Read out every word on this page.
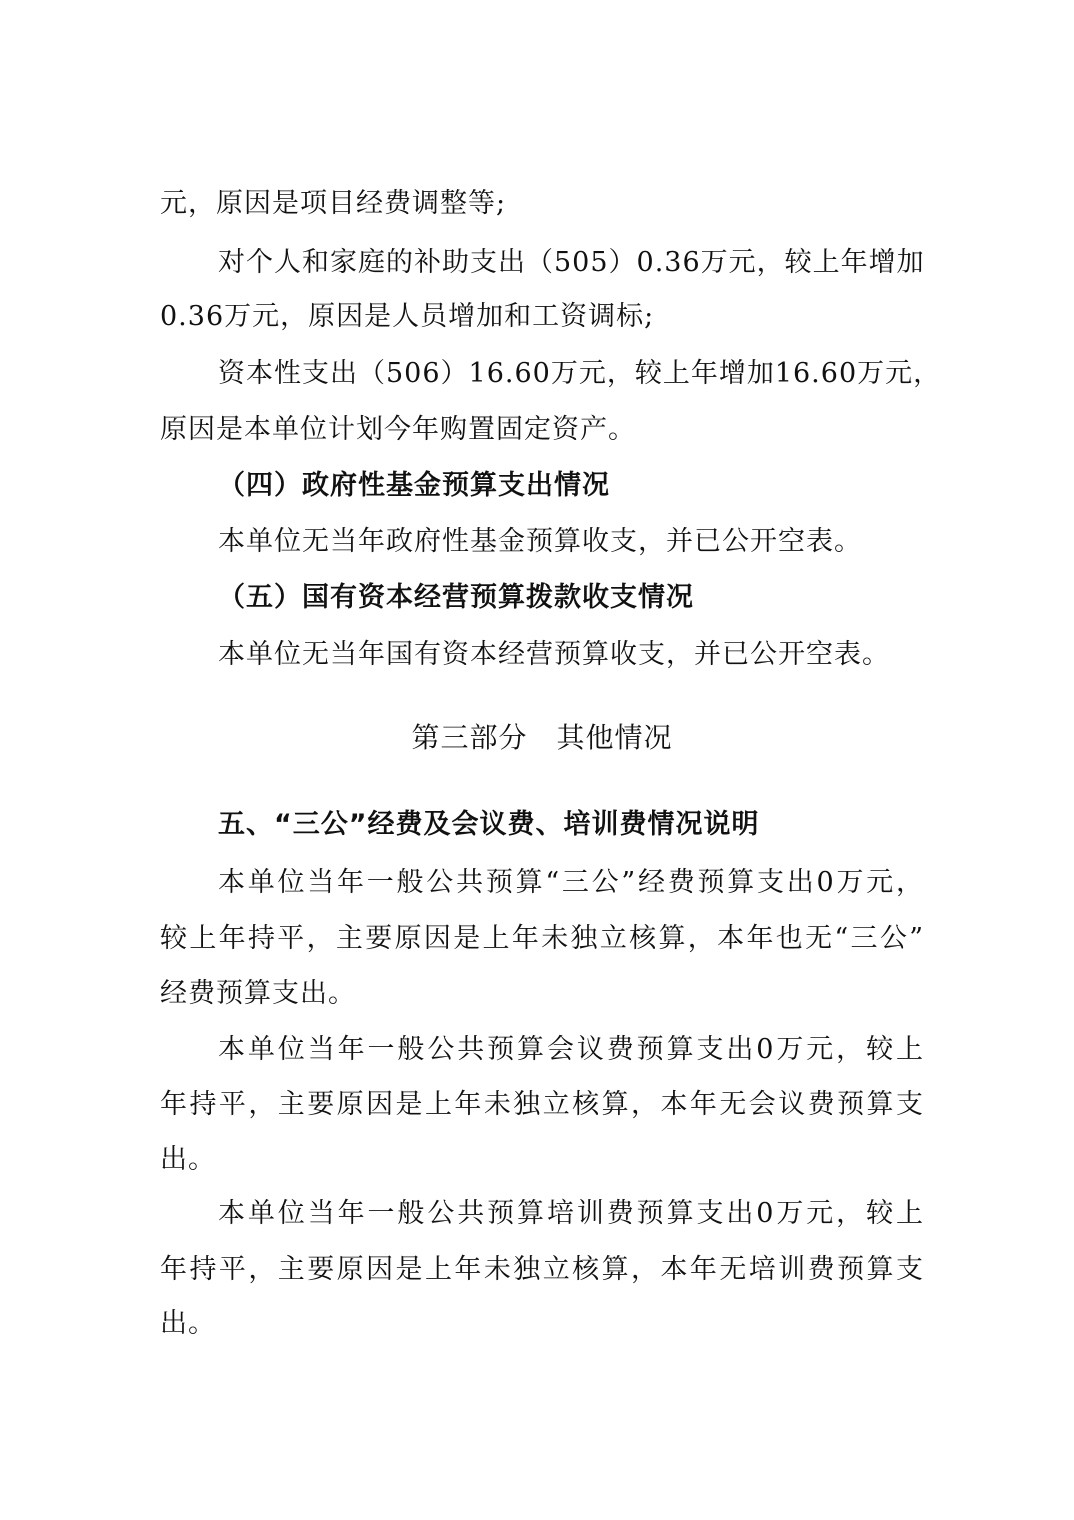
元，原因是项目经费调整等;
对个人和家庭的补助支出（505）0.36万元，较上年增加
0.36万元，原因是人员增加和工资调标;
资本性支出（506）16.60万元，较上年增加16.60万元，
原因是本单位计划今年购置固定资产。
（四）政府性基金预算支出情况
本单位无当年政府性基金预算收支，并已公开空表。
（五）国有资本经营预算拨款收支情况
本单位无当年国有资本经营预算收支，并已公开空表。
第三部分　其他情况
五、“三公”经费及会议费、培训费情况说明
本单位当年一般公共预算“三公”经费预算支出0万元，
较上年持平，主要原因是上年未独立核算，本年也无“三公”
经费预算支出。
本单位当年一般公共预算会议费预算支出0万元，较上
年持平，主要原因是上年未独立核算，本年无会议费预算支
出。
本单位当年一般公共预算培训费预算支出0万元，较上
年持平，主要原因是上年未独立核算，本年无培训费预算支
出。
